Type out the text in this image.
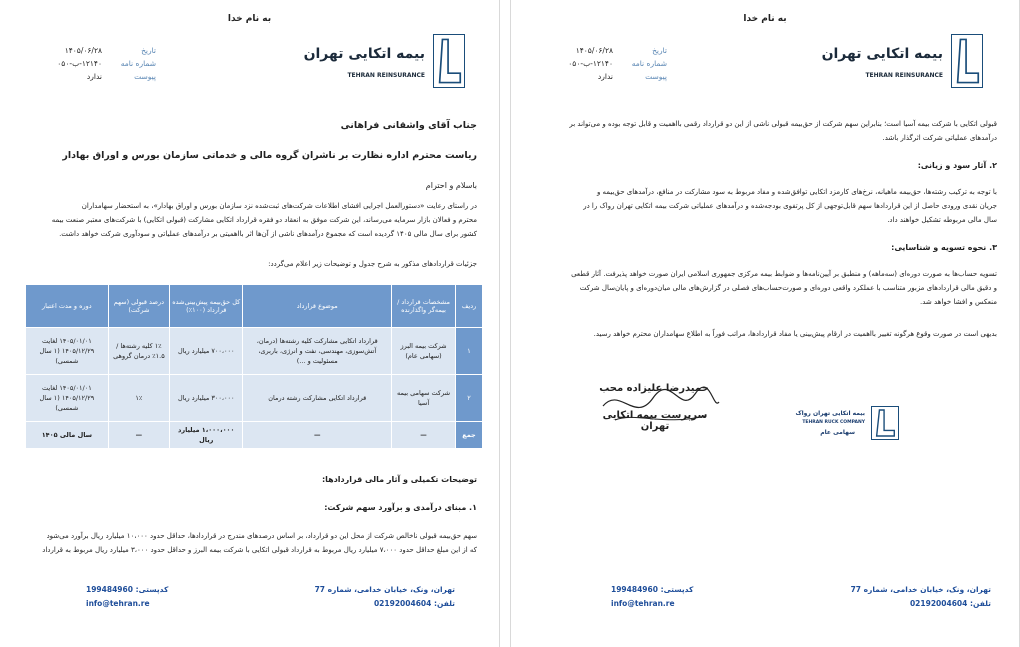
به نام خدا
بیمه اتکایی تهران
TEHRAN REINSURANCE
۱۴۰۵/۰۶/۲۸	تاریخ
۱۲۱۴۰-ب-۰۵۰	شماره نامه
ندارد	پیوست
جناب آقای واشقانی فراهانی
ریاست محترم اداره نظارت بر ناشران گروه مالی و خدماتی سازمان بورس و اوراق بهادار
باسلام و احترام
در راستای رعایت «دستورالعمل اجرایی افشای اطلاعات شرکت‌های ثبت‌شده نزد سازمان بورس و اوراق بهادار»، به استحضار سهامداران
محترم و فعالان بازار سرمایه می‌رساند، این شرکت موفق به انعقاد دو فقره قرارداد اتکایی مشارکت (قبولی اتکایی) با شرکت‌های معتبر صنعت بیمه
کشور برای سال مالی ۱۴۰۵ گردیده است که مجموع درآمدهای ناشی از آن‌ها اثر بااهمیتی بر درآمدهای عملیاتی و سودآوری شرکت خواهد داشت.
جزئیات قراردادهای مذکور به شرح جدول و توضیحات زیر اعلام می‌گردد:
ردیف	مشخصات قرارداد / بیمه‌گر واگذارنده	موضوع قرارداد	کل حق‌بیمه پیش‌بینی‌شده قرارداد (۱۰۰٪)	درصد قبولی (سهم شرکت)	دوره و مدت اعتبار
۱	شرکت بیمه البرز (سهامی عام)	قرارداد اتکایی مشارکت کلیه رشته‌ها (درمان، آتش‌سوزی، مهندسی، نفت و انرژی، باربری، مسئولیت و ...)	۷۰۰،۰۰۰ میلیارد ریال	۱٪ کلیه رشته‌ها / ۱.۵٪ درمان گروهی	۱۴۰۵/۰۱/۰۱ لغایت ۱۴۰۵/۱۲/۲۹ (۱ سال شمسی)
۲	شرکت سهامی بیمه آسیا	قرارداد اتکایی مشارکت رشته درمان	۳۰۰،۰۰۰ میلیارد ریال	۱٪	۱۴۰۵/۰۱/۰۱ لغایت ۱۴۰۵/۱۲/۲۹ (۱ سال شمسی)
جمع	—	—	۱،۰۰۰،۰۰۰ میلیارد ریال	—	سال مالی ۱۴۰۵
توضیحات تکمیلی و آثار مالی قراردادها:
۱. مبنای درآمدی و برآورد سهم شرکت:
سهم حق‌بیمه قبولی ناخالص شرکت از محل این دو قرارداد، بر اساس درصدهای مندرج در قراردادها، حداقل حدود ۱۰،۰۰۰ میلیارد ریال برآورد می‌شود
که از این مبلغ حداقل حدود ۷،۰۰۰ میلیارد ریال مربوط به قرارداد قبولی اتکایی با شرکت بیمه البرز و حداقل حدود ۳،۰۰۰ میلیارد ریال مربوط به قرارداد
تهران، ونک، خیابان خدامی، شماره 77
تلفن: 02192004604
کدپستی: 199484960
info@tehran.re
به نام خدا
بیمه اتکایی تهران
TEHRAN REINSURANCE
۱۴۰۵/۰۶/۲۸	تاریخ
۱۲۱۴۰-ب-۰۵۰	شماره نامه
ندارد	پیوست
قبولی اتکایی با شرکت بیمه آسیا است؛ بنابراین سهم شرکت از حق‌بیمه قبولی ناشی از این دو قرارداد رقمی بااهمیت و قابل توجه بوده و می‌تواند بر
درآمدهای عملیاتی شرکت اثرگذار باشد.
۲. آثار سود و زیانی:
با توجه به ترکیب رشته‌ها، حق‌بیمه ماهیانه، نرخ‌های کارمزد اتکایی توافق‌شده و مفاد مربوط به سود مشارکت در منافع، درآمدهای حق‌بیمه و
جریان نقدی ورودی حاصل از این قراردادها سهم قابل‌توجهی از کل پرتفوی بودجه‌شده و درآمدهای عملیاتی شرکت بیمه اتکایی تهران رواک را در
سال مالی مربوطه تشکیل خواهند داد.
۳. نحوه تسویه و شناسایی:
تسویه حساب‌ها به صورت دوره‌ای (سه‌ماهه) و منطبق بر آیین‌نامه‌ها و ضوابط بیمه مرکزی جمهوری اسلامی ایران صورت خواهد پذیرفت. آثار قطعی
و دقیق مالی قراردادهای مزبور متناسب با عملکرد واقعی دوره‌ای و صورت‌حساب‌های فصلی در گزارش‌های مالی میان‌دوره‌ای و پایان‌سال شرکت
منعکس و افشا خواهد شد.
بدیهی است در صورت وقوع هرگونه تغییر بااهمیت در ارقام پیش‌بینی یا مفاد قراردادها، مراتب فوراً به اطلاع سهامداران محترم خواهد رسید.
بیمه اتکایی تهران رواک
TEHRAN RUCK COMPANY
سهامی عام
حمیدرضا علیزاده محب
سرپرست بیمه اتکایی تهران
تهران، ونک، خیابان خدامی، شماره 77
تلفن: 02192004604
کدپستی: 199484960
info@tehran.re
